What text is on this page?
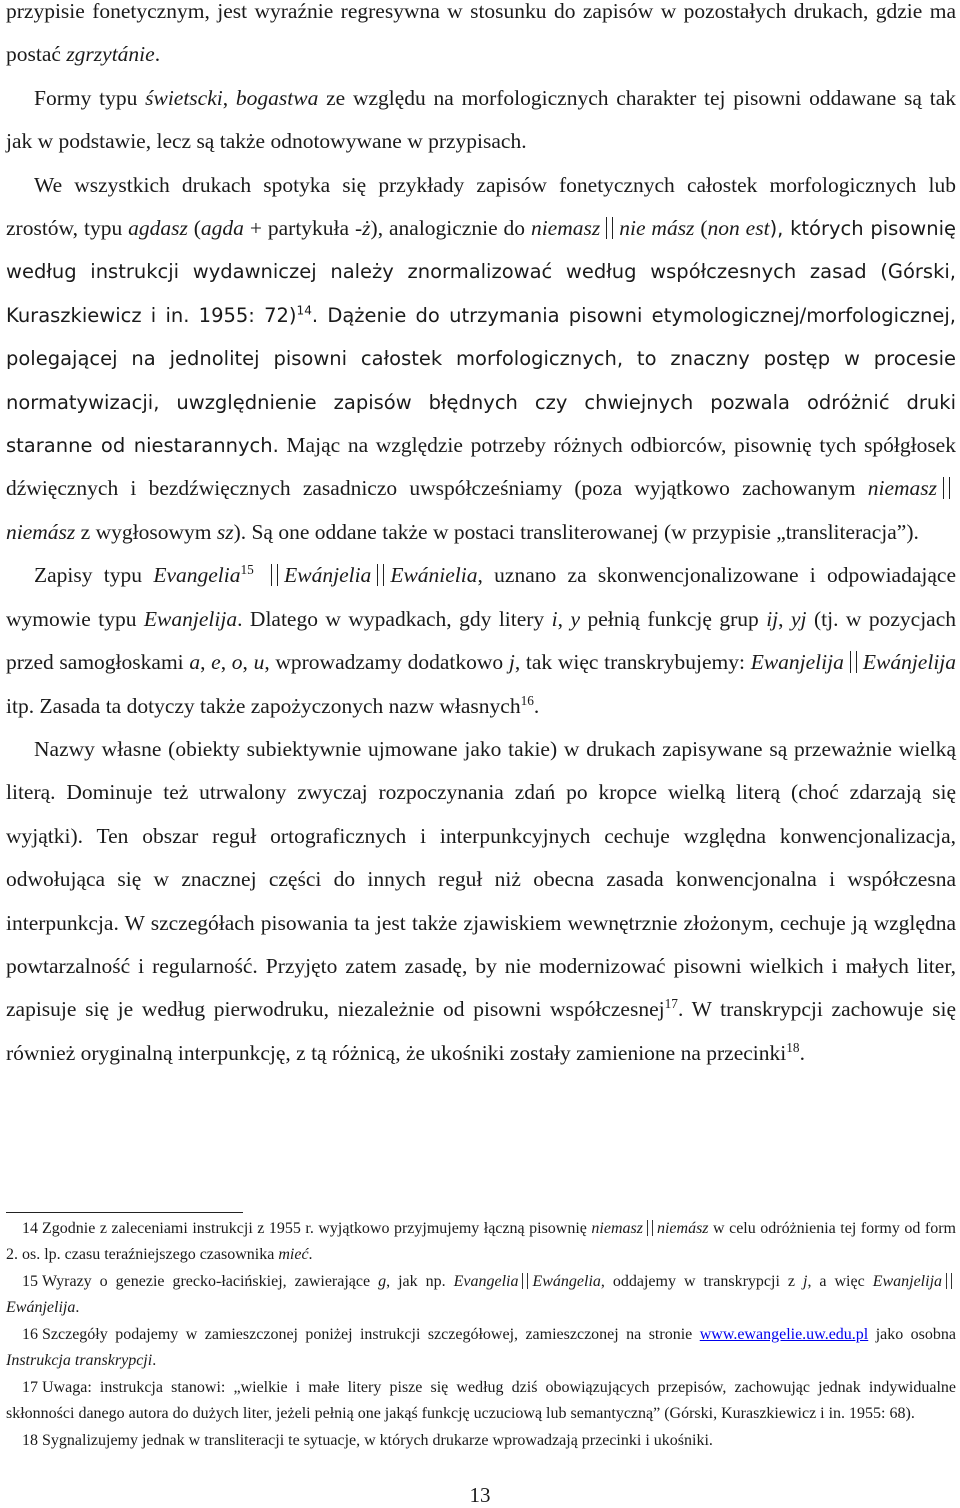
przypisie fonetycznym, jest wyraźnie regresywna w stosunku do zapisów w pozostałych drukach, gdzie ma postać zgrzytánie.

Formy typu świetscki, bogastwa ze względu na morfologicznych charakter tej pisowni oddawane są tak jak w podstawie, lecz są także odnotowywane w przypisach.

We wszystkich drukach spotyka się przykłady zapisów fonetycznych całostek morfologicznych lub zrostów, typu agdasz (agda + partykuła -ż), analogicznie do niemasz nie mász (non est), których pisownię według instrukcji wydawniczej należy znormalizować według współczesnych zasad (Górski, Kuraszkiewicz i in. 1955: 72)$^{14}$. Dążenie do utrzymania pisowni etymologicznej/morfologicznej, polegającej na jednolitej pisowni całostek morfologicznych, to znaczny postęp w procesie normatywizacji, uwzględnienie zapisów błędnych czy chwiejnych pozwala odróżnić druki staranne od niestarannych. Mając na względzie potrzeby różnych odbiorców, pisownię tych spółgłosek dźwięcznych i bezdźwięcznych zasadniczo uwspółcześniamy (poza wyjątkowo zachowanym niemaszniemász z wygłosowym sz). Są one oddane także w postaci transliterowanej (w przypisie „transliteracja”).

Zapisy typu Evangelia$^{15}$ Ewánjelia Ewánielia, uznano za skonwencjonalizowane i odpowiadające wymowie typu Ewanjelija. Dlatego w wypadkach, gdy litery i, y pełnią funkcję grup ij, yj (tj. w pozycjach przed samogłoskami a, e, o, u, wprowadzamy dodatkowo j, tak więc transkrybujemy: Ewanjelija Ewánjelija itp. Zasada ta dotyczy także zapożyczonych nazw własnych$^{16}$.

Nazwy własne (obiekty subiektywnie ujmowane jako takie) w drukach zapisywane są przeważnie wielką literą. Dominuje też utrwalony zwyczaj rozpoczynania zdań po kropce wielką literą (choć zdarzają się wyjątki). Ten obszar reguł ortograficznych i interpunkcyjnych cechuje względna konwencjonalizacja, odwołująca się w znacznej części do innych reguł niż obecna zasada konwencjonalna i współczesna interpunkcja. W szczegółach pisowania ta jest także zjawiskiem wewnętrznie złożonym, cechuje ją względna powtarzalność i regularność. Przyjęto zatem zasadę, by nie modernizować pisowni wielkich i małych liter, zapisuje się je według pierwodruku, niezależnie od pisowni współczesnej$^{17}$. W transkrypcji zachowuje się również oryginalną interpunkcję, z tą różnicą, że ukośniki zostały zamienione na przecinki$^{18}$.

14 Zgodnie z zaleceniami instrukcji z 1955 r. wyjątkowo przyjmujemy łączną pisownię niemasz niemász w celu odróżnienia tej formy od form 2. os. lp. czasu teraźniejszego czasownika mieć.

15 Wyrazy o genezie grecko-łacińskiej, zawierające g, jak np. Evangelia Ewángelia, oddajemy w transkrypcji z j, a więc EwanjelijaEwánjelija.

16 Szczegóły podajemy w zamieszczonej poniżej instrukcji szczegółowej, zamieszczonej na stronie www.ewangelie.uw.edu.pl jako osobna Instrukcja transkrypcji.

17 Uwaga: instrukcja stanowi: „wielkie i małe litery pisze się według dziś obowiązujących przepisów, zachowując jednak indywidualne skłonności danego autora do dużych liter, jeżeli pełnią one jakąś funkcję uczuciową lub semantyczną” (Górski, Kuraszkiewicz i in. 1955: 68).

18 Sygnalizujemy jednak w transliteracji te sytuacje, w których drukarze wprowadzają przecinki i ukośniki.

13
